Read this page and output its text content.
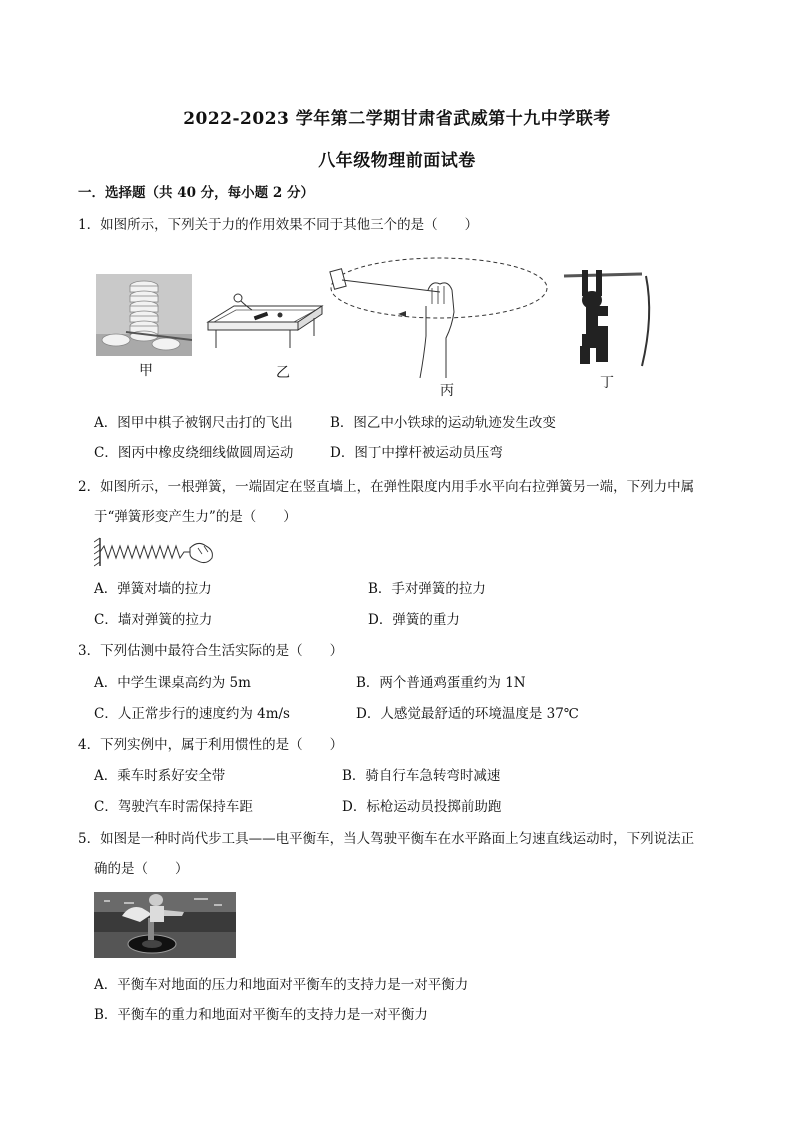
2022-2023 学年第二学期甘肃省武威第十九中学联考
八年级物理前面试卷
一．选择题（共 40 分，每小题 2 分）
1．如图所示，下列关于力的作用效果不同于其他三个的是（　　）
甲	乙
丙	丁
A．图甲中棋子被钢尺击打的飞出	B．图乙中小铁球的运动轨迹发生改变
C．图丙中橡皮绕细线做圆周运动	D．图丁中撑杆被运动员压弯
2．如图所示，一根弹簧，一端固定在竖直墙上，在弹性限度内用手水平向右拉弹簧另一端，下列力中属
于“弹簧形变产生力”的是（　　）
A．弹簧对墙的拉力	B．手对弹簧的拉力
C．墙对弹簧的拉力	D．弹簧的重力
3．下列估测中最符合生活实际的是（　　）
A．中学生课桌高约为 5m	B．两个普通鸡蛋重约为 1N
C．人正常步行的速度约为 4m/s	D．人感觉最舒适的环境温度是 37℃
4．下列实例中，属于利用惯性的是（　　）
A．乘车时系好安全带	B．骑自行车急转弯时减速
C．驾驶汽车时需保持车距	D．标枪运动员投掷前助跑
5．如图是一种时尚代步工具——电平衡车，当人驾驶平衡车在水平路面上匀速直线运动时，下列说法正
确的是（　　）
A．平衡车对地面的压力和地面对平衡车的支持力是一对平衡力
B．平衡车的重力和地面对平衡车的支持力是一对平衡力
